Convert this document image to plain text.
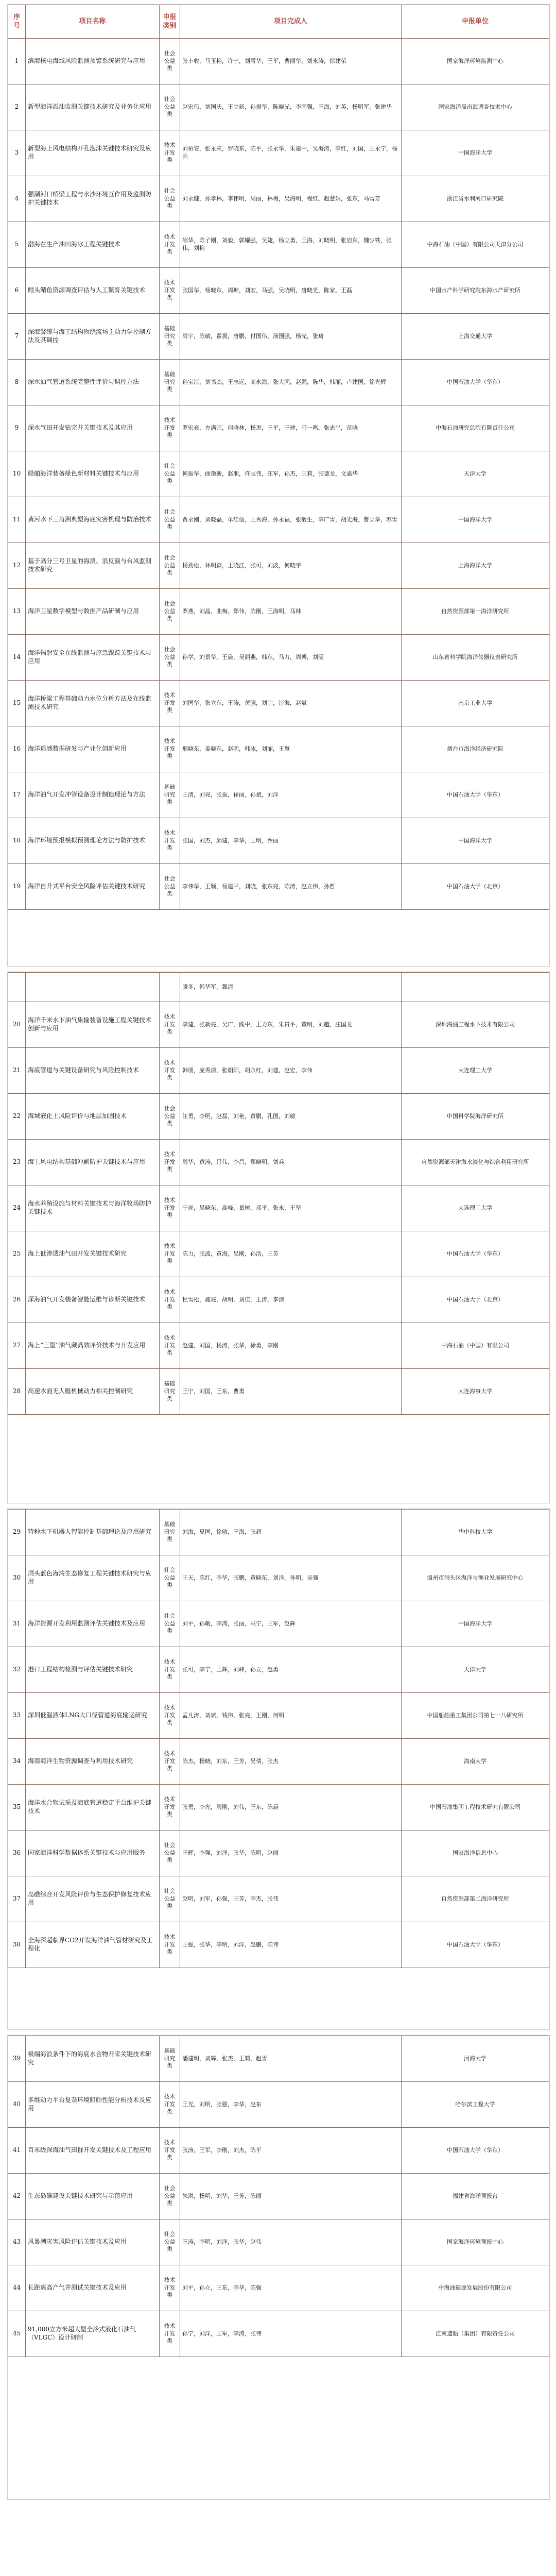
序号	项目名称	申报类别	项目完成人	申报单位
1	滨海核电海域风险监测预警系统研究与应用	社会公益类	张丰收，马玉艳，许宁，刘雪华，王平，曹丽华，刘永涛，徐建荣	国家海洋环境监测中心
2	新型海洋溢油监测关键技术研究及业务化应用	社会公益类	赵宏伟，刘国庆，王立新，孙振华，陈晓光，李国强，王海，刘英，杨明军，张建华	国家海洋局南海调查技术中心
3	新型海上风电结构开孔泡沫关键技术研究及应用	技术开发类	刘柏安，张永来，罗晓东，陈平，张永华，朱建中，吴海涛，李红，刘国，王永宁，杨兵	中国海洋大学
4	强潮河口桥梁工程与水沙环境互作用及监测防护关键技术	社会公益类	刘永健，孙孝林，李伟明，周丽，林梅，吴海明，程红，赵慧娟，张东，马雪芳	浙江省水利河口研究院
5	渤海在生产油田海冰工程关键技术	技术开发类	邵华，陈子刚，刘毅，郭耀强，吴婕，杨立勇，王海，刘晓明，张启东，魏少铁，张伟，刘艳	中海石油（中国）有限公司天津分公司
6	鳕头鲭鱼资源调查评估与人工繁育关键技术	技术开发类	张国华，杨晓东，周坤，刘宏，马强，吴晓明，唐晓光，陈家，王磊	中国水产科学研究院东海水产研究所
7	深海警缆与海工结构物绕流场主动力学控制方法及其调控	基础研究类	周宇，陈敏，翟振，唐鹏，付国伟，汤国强，杨光，张琦	上海交通大学
8	深水油气管道系统完整性评价与调控方法	基础研究类	孙宝江，刘书杰，王志远，高永海，张大同，赵鹏，陈华，韩丽，卢建国，徐光辉	中国石油大学（华东）
9	深水气田开发钻完井关键技术及其应用	技术开发类	罗宏亮，方满宗，何晓林，杨进，王平，王建，马一鸣，张志平，范晓	中海石油研究总院有限责任公司
10	船舶海洋装备绿色新材料关键技术与应用	社会公益类	何振华，曲艳新，赵朋，许志伟，汪军，孙杰，王莉，张德龙，文嘉华	天津大学
11	黄河水下三角洲典型海底灾害机理与防治技术	社会公益类	贾永刚，刘晓磊，单红仙，王秀海，孙永福，张敏生，李广雪，胡光海，曹立华，苏雪	中国海洋大学
12	基于高分三号卫星的海浪、浪反演与台风监测技术研究	社会公益类	杨劲松，林明森，王晓江，张可，刘波，何晓宇	上海海洋大学
13	海洋卫星数字模型与数据产品研制与应用	社会公益类	罗燕，刘晶，曲梅，郑伟，陈刚，王海明，马林	自然资源部第一海洋研究所
14	海洋辐射安全在线监测与应急跟踪关键技术与应用	社会公益类	孙学，刘景华，王晨，吴丽燕，韩东，马力，周博，刘雯	山东省科学院海洋仪器仪表研究所
15	海洋桥梁工程基础动力水位分析方法及在线监测技术研究	技术开发类	刘国华，张立东，王涛，黄强，刘宇，汪海，赵斌	南京工业大学
16	海洋遥感数据研发与产业化创新应用	技术开发类	邢晓东，姜晓东，赵明，韩冰，刘丽，王慧	烟台市海洋经济研究院
17	海洋油气开发冲管设备设计制造理论与方法	基础研究类	王清，刘亮，张振，崔丽，孙斌，刘洋	中国石油大学（华东）
18	海洋环境预报模拟预测理论方法与防护技术	技术开发类	张国，刘杰，邱建，李华，王明，乔丽	中国海洋大学
19	海洋自升式平台安全风险评估关键技术研究	社会公益类	李伟华，王颖，杨建平，刘晓，张东亮，陈涛，赵立伟，孙哲	中国石油大学（北京）
			滕冬，韩华军，魏清	
20	海洋千米水下油气集输装备设施工程关键技术创新与应用	技术开发类	李建，张新亮，吴广，熊中，王力东，朱贵平，董明，刘越，庄国龙	深圳海油工程水下技术有限公司
21	海底管道与关键设备研究与风险控制技术	技术开发类	韩朋，庞秀清，张朝阳，胡永红，刘建，赵宏，李伟	大连理工大学
22	海域液化土风险评价与地层加固技术	社会公益类	汪勇，李明，赵磊，刘艳，黄鹏，孔国，刘敏	中国科学院海洋研究所
23	海上风电结构基础冲刷防护关键技术与应用	技术开发类	周华，黄涛，吕伟，李昌，郑晓明，刘兵	自然资源部天津海水淡化与综合利用研究所
24	海水养殖设施与材料关键技术与海洋牧场防护关键技术	技术开发类	宁亮，吴晓东，高峰，葛树，邓平，张永，王坚	大连理工大学
25	海上低渗透油气田开发关键技术研究	技术开发类	陈力，张波，黄海，吴刚，孙浩，王芳	中国石油大学（华东）
26	深海油气开发装备智能运维与诊断关键技术	技术开发类	杜雪松，施亮，胡明，刘佳，王涛，李清	中国石油大学（北京）
27	海上“三型”油气藏高效评价技术与开发应用	技术开发类	赵建，刘国，杨涛，张华，徐勇，李刚	中海石油（中国）有限公司
28	高速水面无人艇机械动力相关控制研究	基础研究类	王宁，刘国，王东，曹勇	大连海事大学
29	特种水下机器人智能控制基础理论及应用研究	基础研究类	刘海，夏国，徐敏，王海，张超	华中科技大学
30	洞头蓝色海湾生态修复工程关键技术研究与应用	社会公益类	王天，陈红，李华，张鹏，黄晓东，刘洋，孙明，吴强	温州市洞头区海洋与渔业发展研究中心
31	海洋资源开发利用监测评估关键技术及应用	社会公益类	刘平，孙敏，李涛，张丽，马宁，王军，赵辉	中国海洋大学
32	港口工程结构检测与评估关键技术研究	技术开发类	张可，李宁，王辉，刘峰，孙立，赵勇	天津大学
33	深圳低温液体LNG大口径管道海底输运研究	技术开发类	孟凡涛，刘斌，钱伟，张亮，王刚，何明	中国船舶重工集团公司第七一八研究所
34	海南海洋生物资源调查与利用技术研究	技术开发类	陈杰，杨晓，刘东，王芳，吴倩，张杰	海南大学
35	海洋水合物试采及海底管道稳定平台维护关键技术	技术开发类	张勇，李光，周刚，刘伟，王东，陈晨	中国石油集团工程技术研究有限公司
36	国家海洋科学数据体系关键技术与应用服务	社会公益类	王辉，李强，刘洋，张华，陈明，赵丽	国家海洋信息中心
37	岛礁综合开发风险评价与生态保护修复技术应用	社会公益类	赵明，刘军，孙强，王芳，李杰，张伟	自然资源部第二海洋研究所
38	全海深超临界CO2开发海洋油气管材研究及工程化	技术开发类	王强，张华，李明，刘洋，赵鹏，陈伟	中国石油大学（华东）
39	极端海浪条件下的海底水合物开采关键技术研究	基础研究类	潘建明，刘辉，张杰，王莉，赵雪	河海大学
40	多维动力平台复杂环境船舶性能分析技术及应用	技术开发类	王光，刘明，张强，李华，赵东	哈尔滨工程大学
41	百米级深海油气田群开发关键技术及工程应用	技术开发类	张涛，王军，李刚，刘杰，陈平	中国石油大学（华东）
42	生态岛礁建设关键技术研究与示范应用	社会公益类	朱洪，杨明，刘华，王芳，陈丽	福建省海洋预报台
43	风暴潮灾害风险评估关键技术及应用	社会公益类	王涛，李明，刘洋，张华，赵伟	国家海洋环境预报中心
44	长距离高产气井测试关键技术及应用	技术开发类	刘平，孙立，王东，李华，陈强	中海油能源发展股份有限公司
45	91,000立方米超大型全冷式液化石油气（VLGC）设计研制	技术开发类	孙宁，刘洋，王军，李涛，张伟	江南造船（集团）有限责任公司
